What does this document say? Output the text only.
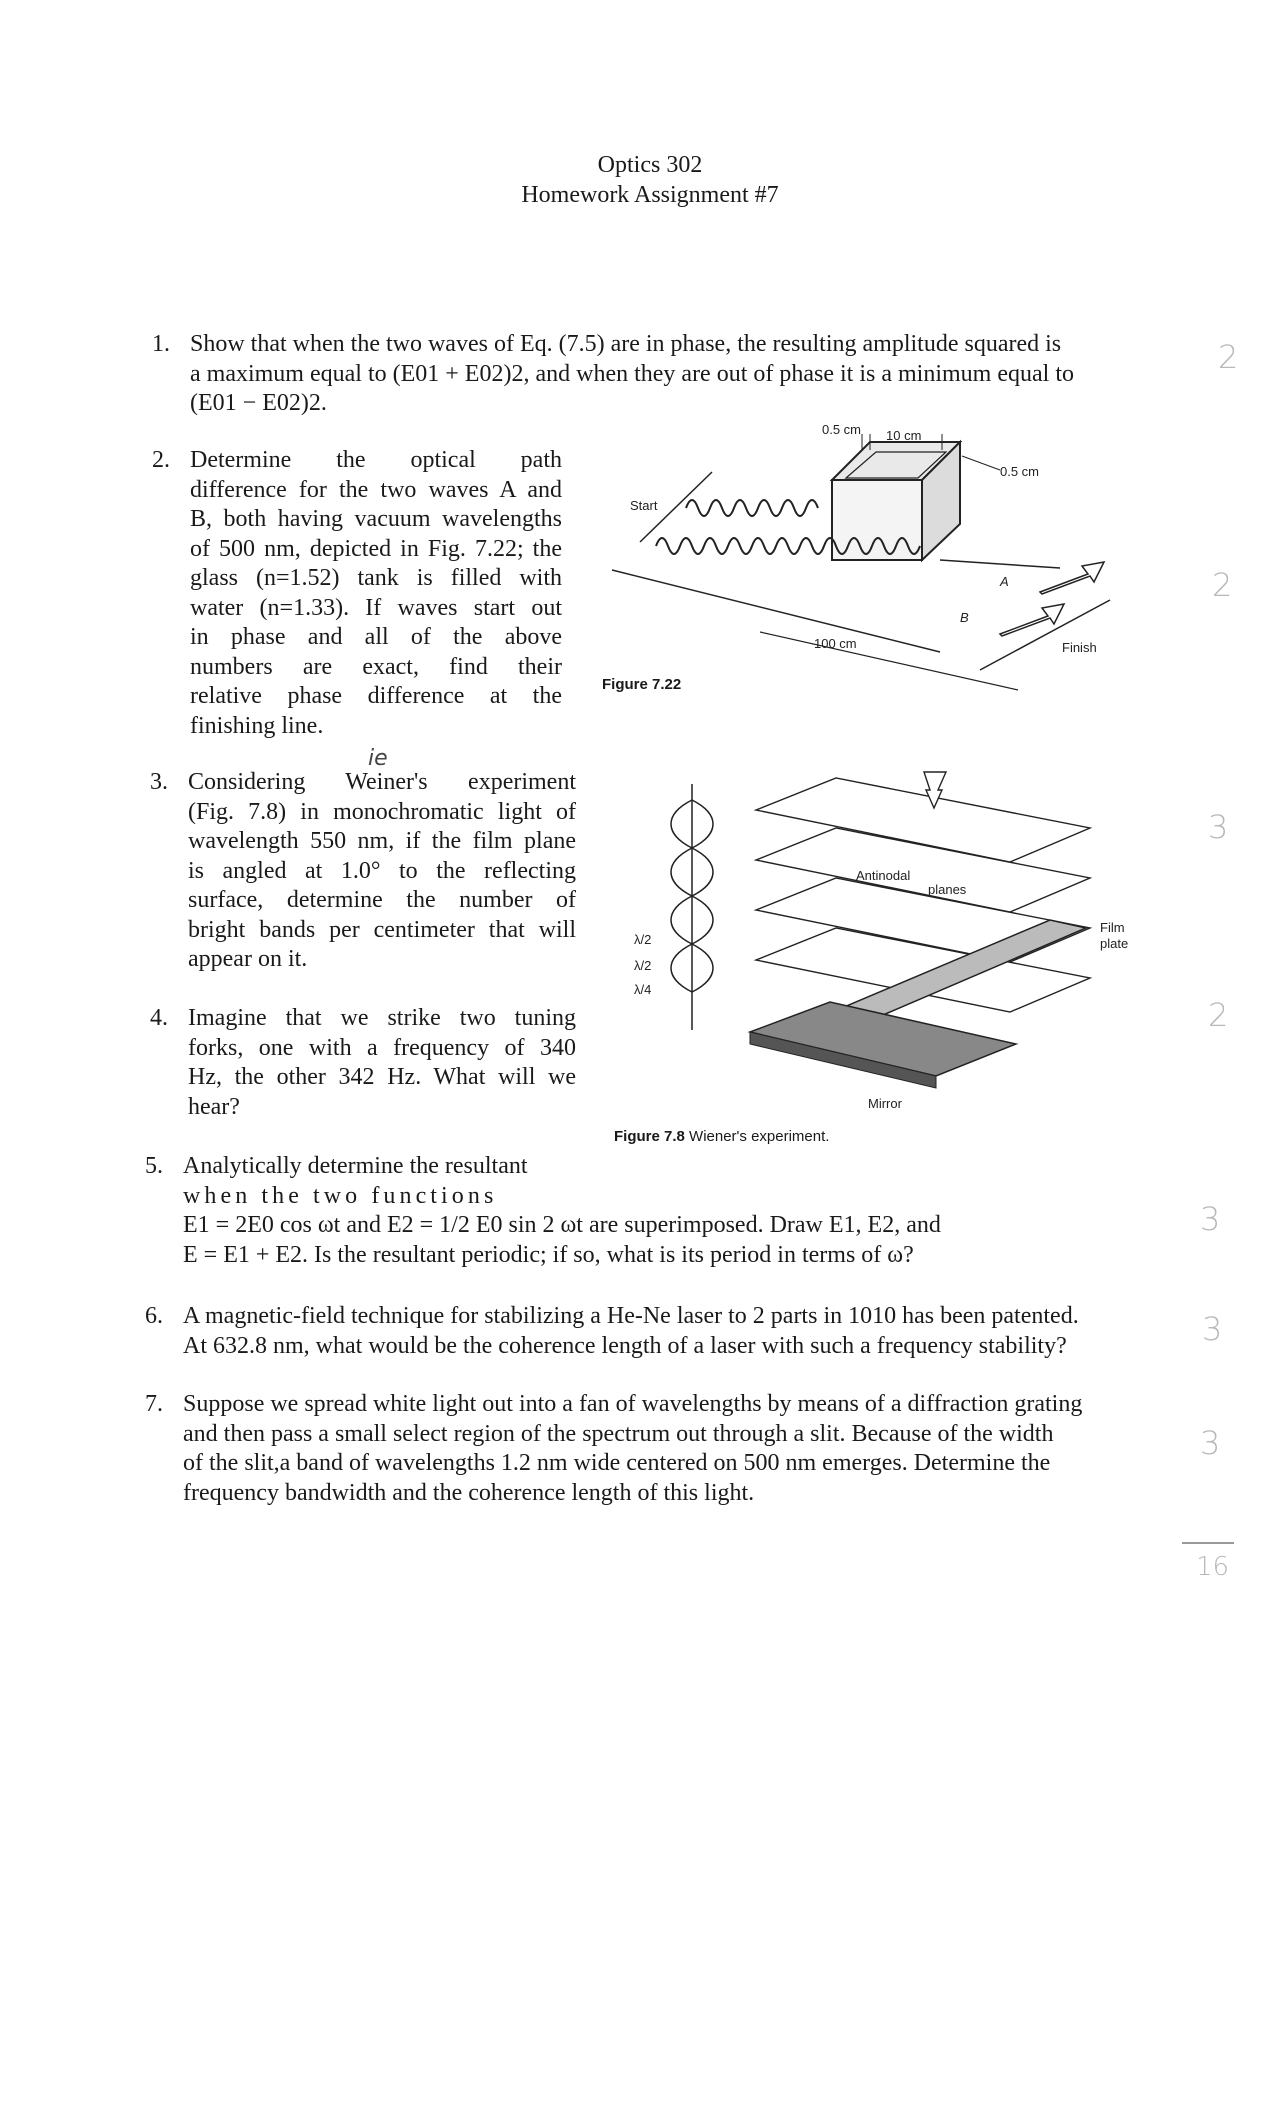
Optics 302
Homework Assignment #7
1. Show that when the two waves of Eq. (7.5) are in phase, the resulting amplitude squared is
a maximum equal to (E01 + E02)2, and when they are out of phase it is a minimum equal to
(E01 − E02)2.
2. Determine the optical path
difference for the two waves A and
B, both having vacuum wavelengths
of 500 nm, depicted in Fig. 7.22; the
glass (n=1.52) tank is filled with
water (n=1.33). If waves start out
in phase and all of the above
numbers are exact, find their
relative phase difference at the
finishing line.
3. Considering Weiner's experiment
(Fig. 7.8) in monochromatic light of
wavelength 550 nm, if the film plane
is angled at 1.0° to the reflecting
surface, determine the number of
bright bands per centimeter that will
appear on it.
ie
4. Imagine that we strike two tuning
forks, one with a frequency of 340
Hz, the other 342 Hz. What will we
hear?
5. Analytically determine the resultant
when the two functions
E1 = 2E0 cos ωt and E2 = 1/2 E0 sin 2 ωt are superimposed. Draw E1, E2, and
E = E1 + E2. Is the resultant periodic; if so, what is its period in terms of ω?
6. A magnetic-field technique for stabilizing a He-Ne laser to 2 parts in 1010 has been patented.
At 632.8 nm, what would be the coherence length of a laser with such a frequency stability?
7. Suppose we spread white light out into a fan of wavelengths by means of a diffraction grating
and then pass a small select region of the spectrum out through a slit. Because of the width
of the slit,a band of wavelengths 1.2 nm wide centered on 500 nm emerges. Determine the
frequency bandwidth and the coherence length of this light.
2
2
3
2
3
3
3
16
Start
0.5 cm 10 cm
0.5 cm
100 cm
A
B
Finish
Figure 7.22
Antinodal
planes
Film
plate
Mirror
λ/2
λ/2
λ/4
Figure 7.8 Wiener's experiment.
